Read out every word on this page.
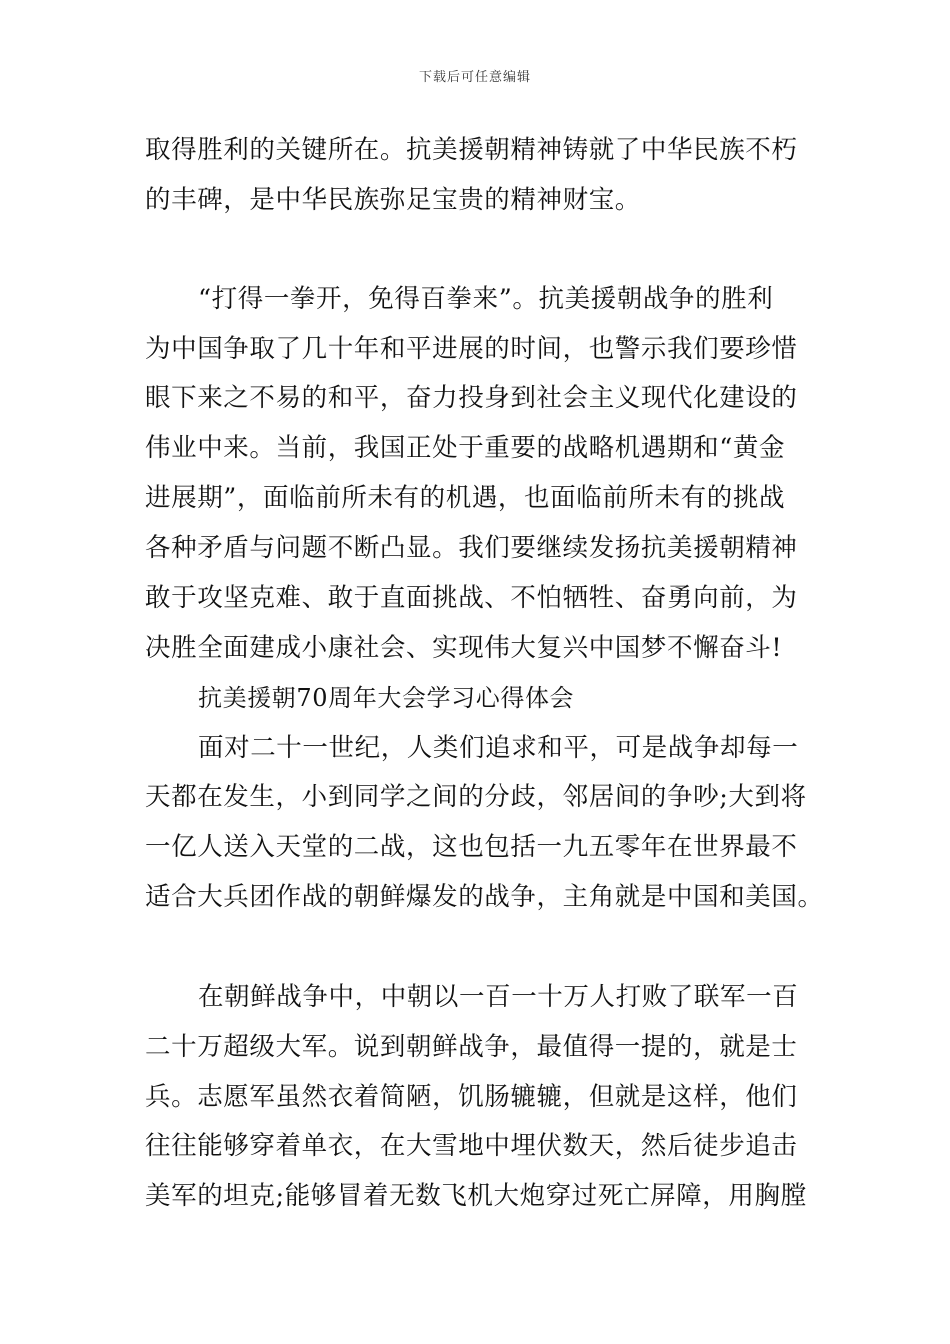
下载后可任意编辑
取得胜利的关键所在。抗美援朝精神铸就了中华民族不朽
的丰碑，是中华民族弥足宝贵的精神财宝。
“打得一拳开，免得百拳来”。抗美援朝战争的胜利
为中国争取了几十年和平进展的时间，也警示我们要珍惜
眼下来之不易的和平，奋力投身到社会主义现代化建设的
伟业中来。当前，我国正处于重要的战略机遇期和“黄金
进展期”，面临前所未有的机遇，也面临前所未有的挑战
各种矛盾与问题不断凸显。我们要继续发扬抗美援朝精神
敢于攻坚克难、敢于直面挑战、不怕牺牲、奋勇向前，为
决胜全面建成小康社会、实现伟大复兴中国梦不懈奋斗!
抗美援朝70周年大会学习心得体会
面对二十一世纪，人类们追求和平，可是战争却每一
天都在发生，小到同学之间的分歧，邻居间的争吵;大到将
一亿人送入天堂的二战，这也包括一九五零年在世界最不
适合大兵团作战的朝鲜爆发的战争，主角就是中国和美国。
在朝鲜战争中，中朝以一百一十万人打败了联军一百
二十万超级大军。说到朝鲜战争，最值得一提的，就是士
兵。志愿军虽然衣着简陋，饥肠辘辘，但就是这样，他们
往往能够穿着单衣，在大雪地中埋伏数天，然后徒步追击
美军的坦克;能够冒着无数飞机大炮穿过死亡屏障，用胸膛
